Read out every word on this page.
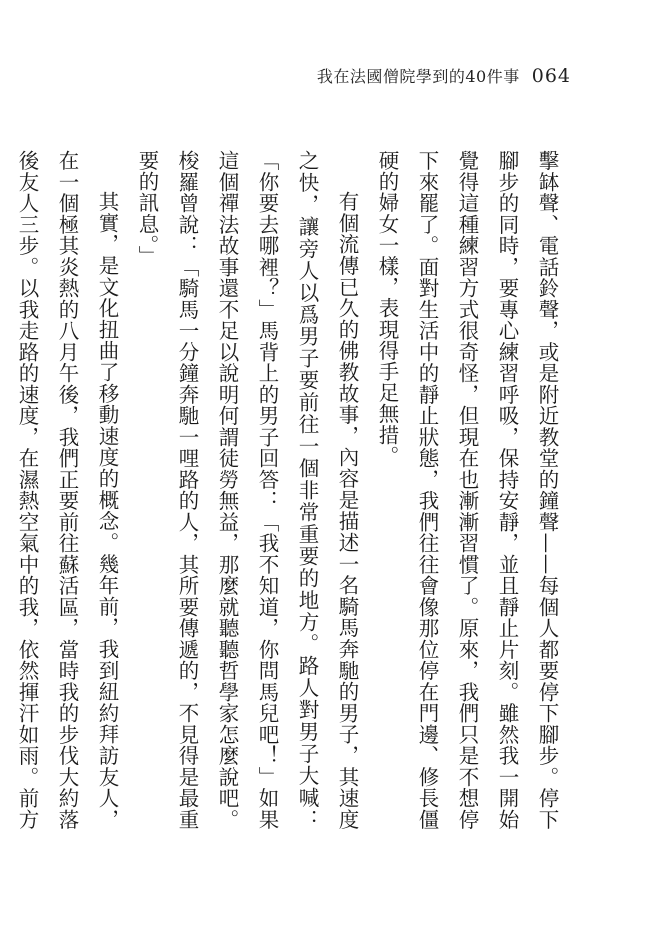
我在法國僧院學到的40件事 064

擊缽聲、電話鈴聲，或是附近教堂的鐘聲——每個人都要停下腳步。停下腳步的同時，要專心練習呼吸，保持安靜，並且靜止片刻。雖然我一開始覺得這種練習方式很奇怪，但現在也漸漸習慣了。原來，我們只是不想停下來罷了。面對生活中的靜止狀態，我們往往會像那位停在門邊、修長僵硬的婦女一樣，表現得手足無措。

有個流傳已久的佛教故事，內容是描述一名騎馬奔馳的男子，其速度之快，讓旁人以爲男子要前往一個非常重要的地方。路人對男子大喊：「你要去哪裡？」馬背上的男子回答：「我不知道，你問馬兒吧！」如果這個禪法故事還不足以說明何謂徒勞無益，那麼就聽聽哲學家怎麼說吧。梭羅曾說：「騎馬一分鐘奔馳一哩路的人，其所要傳遞的，不見得是最重要的訊息。」

其實，是文化扭曲了移動速度的概念。幾年前，我到紐約拜訪友人，在一個極其炎熱的八月午後，我們正要前往蘇活區，當時我的步伐大約落後友人三步。以我走路的速度，在濕熱空氣中的我，依然揮汗如雨。前方
